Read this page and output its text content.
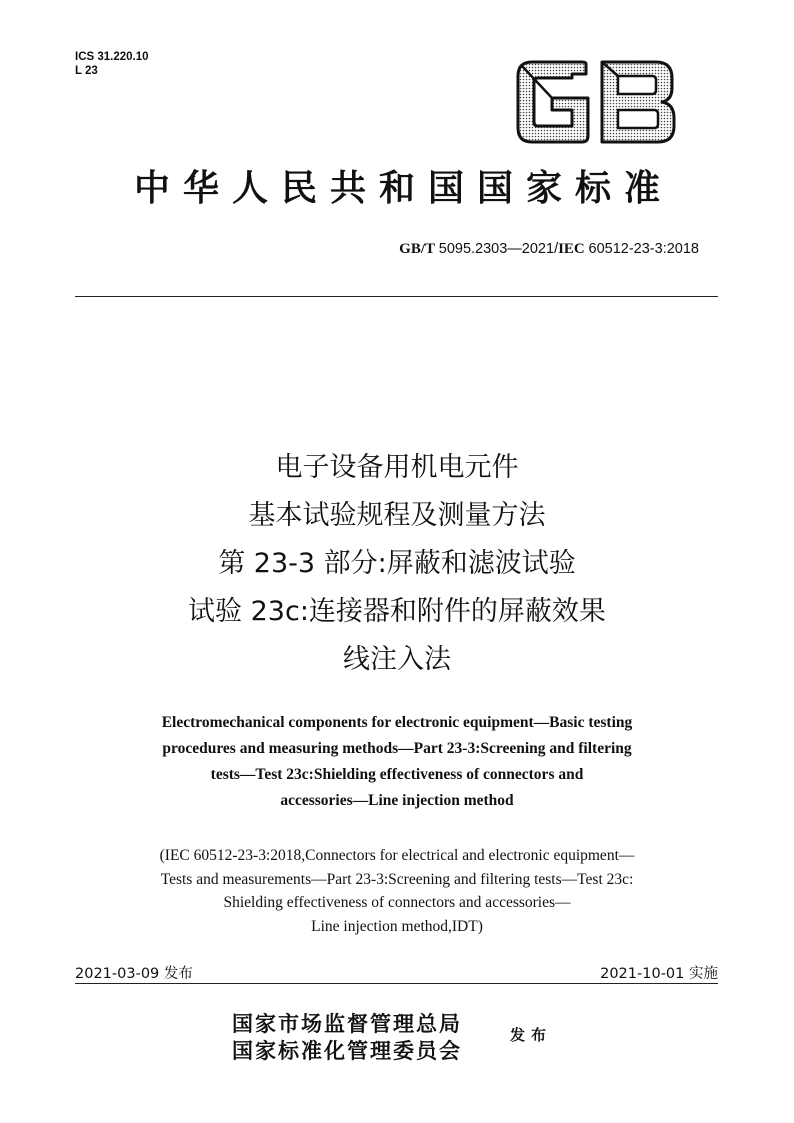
ICS 31.220.10
L 23
中华人民共和国国家标准
GB/T 5095.2303—2021/IEC 60512-23-3:2018
电子设备用机电元件
基本试验规程及测量方法
第 23-3 部分:屏蔽和滤波试验
试验 23c:连接器和附件的屏蔽效果
线注入法
Electromechanical components for electronic equipment—Basic testing
procedures and measuring methods—Part 23-3:Screening and filtering
tests—Test 23c:Shielding effectiveness of connectors and
accessories—Line injection method
(IEC 60512-23-3:2018,Connectors for electrical and electronic equipment—
Tests and measurements—Part 23-3:Screening and filtering tests—Test 23c:
Shielding effectiveness of connectors and accessories—
Line injection method,IDT)
2021-03-09 发布	2021-10-01 实施
国家市场监督管理总局
国家标准化管理委员会
发布
